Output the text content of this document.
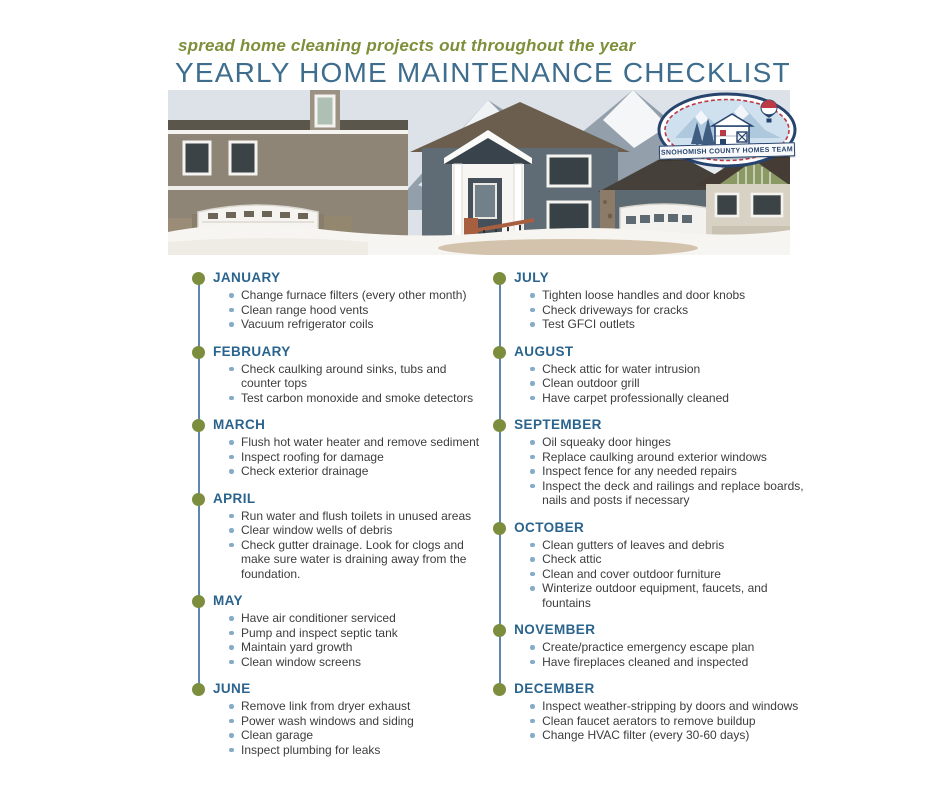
spread home cleaning projects out throughout the year
YEARLY HOME MAINTENANCE CHECKLIST
SNOHOMISH COUNTY HOMES TEAM
JANUARY
Change furnace filters (every other month)
Clean range hood vents
Vacuum refrigerator coils
FEBRUARY
Check caulking around sinks, tubs and counter tops
Test carbon monoxide and smoke detectors
MARCH
Flush hot water heater and remove sediment
Inspect roofing for damage
Check exterior drainage
APRIL
Run water and flush toilets in unused areas
Clear window wells of debris
Check gutter drainage. Look for clogs and make sure water is draining away from the foundation.
MAY
Have air conditioner serviced
Pump and inspect septic tank
Maintain yard growth
Clean window screens
JUNE
Remove link from dryer exhaust
Power wash windows and siding
Clean garage
Inspect plumbing for leaks
JULY
Tighten loose handles and door knobs
Check driveways for cracks
Test GFCI outlets
AUGUST
Check attic for water intrusion
Clean outdoor grill
Have carpet professionally cleaned
SEPTEMBER
Oil squeaky door hinges
Replace caulking around exterior windows
Inspect fence for any needed repairs
Inspect the deck and railings and replace boards, nails and posts if necessary
OCTOBER
Clean gutters of leaves and debris
Check attic
Clean and cover outdoor furniture
Winterize outdoor equipment, faucets, and fountains
NOVEMBER
Create/practice emergency escape plan
Have fireplaces cleaned and inspected
DECEMBER
Inspect weather-stripping by doors and windows
Clean faucet aerators to remove buildup
Change HVAC filter (every 30-60 days)
